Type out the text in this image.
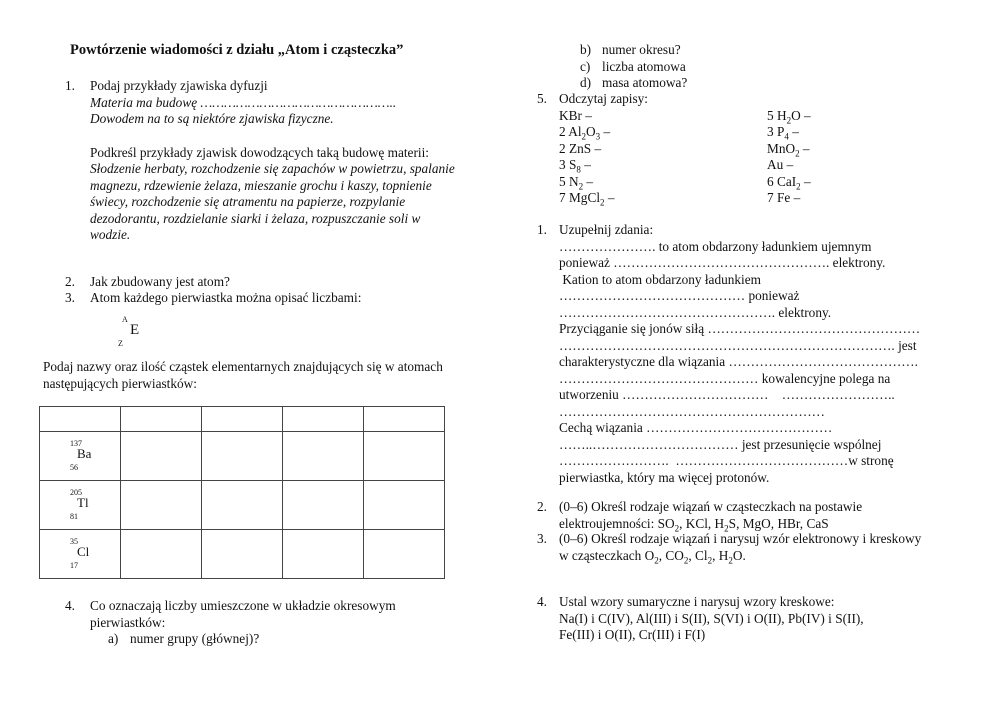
Powtórzenie wiadomości z działu „Atom i cząsteczka”
1. Podaj przykłady zjawiska dyfuzji
Materia ma budowę …………………………………………..
Dowodem na to są niektóre zjawiska fizyczne.
Podkreśl przykłady zjawisk dowodzących taką budowę materii:
Słodzenie herbaty, rozchodzenie się zapachów w powietrzu, spalanie
magnezu, rdzewienie żelaza, mieszanie grochu i kaszy, topnienie
świecy, rozchodzenie się atramentu na papierze, rozpylanie
dezodorantu, rozdzielanie siarki i żelaza, rozpuszczanie soli w
wodzie.
2. Jak zbudowany jest atom?
3. Atom każdego pierwiastka można opisać liczbami:
A
E
Z
Podaj nazwy oraz ilość cząstek elementarnych znajdujących się w atomach
następujących pierwiastków:
4. Co oznaczają liczby umieszczone w układzie okresowym
pierwiastków:
a) numer grupy (głównej)?

137
Ba
56				

205
Tl
81				

35
Cl
17				

b) numer okresu?
c) liczba atomowa
d) masa atomowa?
5. Odczytaj zapisy:
KBr –	5 $H_2O$ –
2 $Al_2O_3$ –	3 $P_4$ –
2 ZnS –	MnO$_2$ –
3 $S_8$ –	Au –
5 $N_2$ –	6 CaI$_2$ –
7 MgCl$_2$ –	7 Fe –
1. Uzupełnij zdania:
…………………. to atom obdarzony ładunkiem ujemnym
ponieważ …………………………………………. elektrony.
Kation to atom obdarzony ładunkiem
…………………………………… ponieważ
…………………………………………. elektrony.
Przyciąganie się jonów siłą …………………………………………
…………………………………………………………………. jest
charakterystyczne dla wiązania …………………………………….
……………………………………… kowalencyjne polega na
utworzeniu ……………………………    ……………………..
……………………………………………………
Cechą wiązania ……………………………………
……..…………………………… jest przesunięcie wspólnej
…………………….  …………………………………w stronę
pierwiastka, który ma więcej protonów.
2. (0–6) Określ rodzaje wiązań w cząsteczkach na postawie
elektroujemności: $SO_2$, KCl, $H_2S$, MgO, HBr, CaS
3. (0–6) Określ rodzaje wiązań i narysuj wzór elektronowy i kreskowy
w cząsteczkach $O_2$, $CO_2$, $Cl_2$, $H_2O$.
4. Ustal wzory sumaryczne i narysuj wzory kreskowe:
Na(I) i C(IV), Al(III) i S(II), S(VI) i O(II), Pb(IV) i S(II),
Fe(III) i O(II), Cr(III) i F(I)
